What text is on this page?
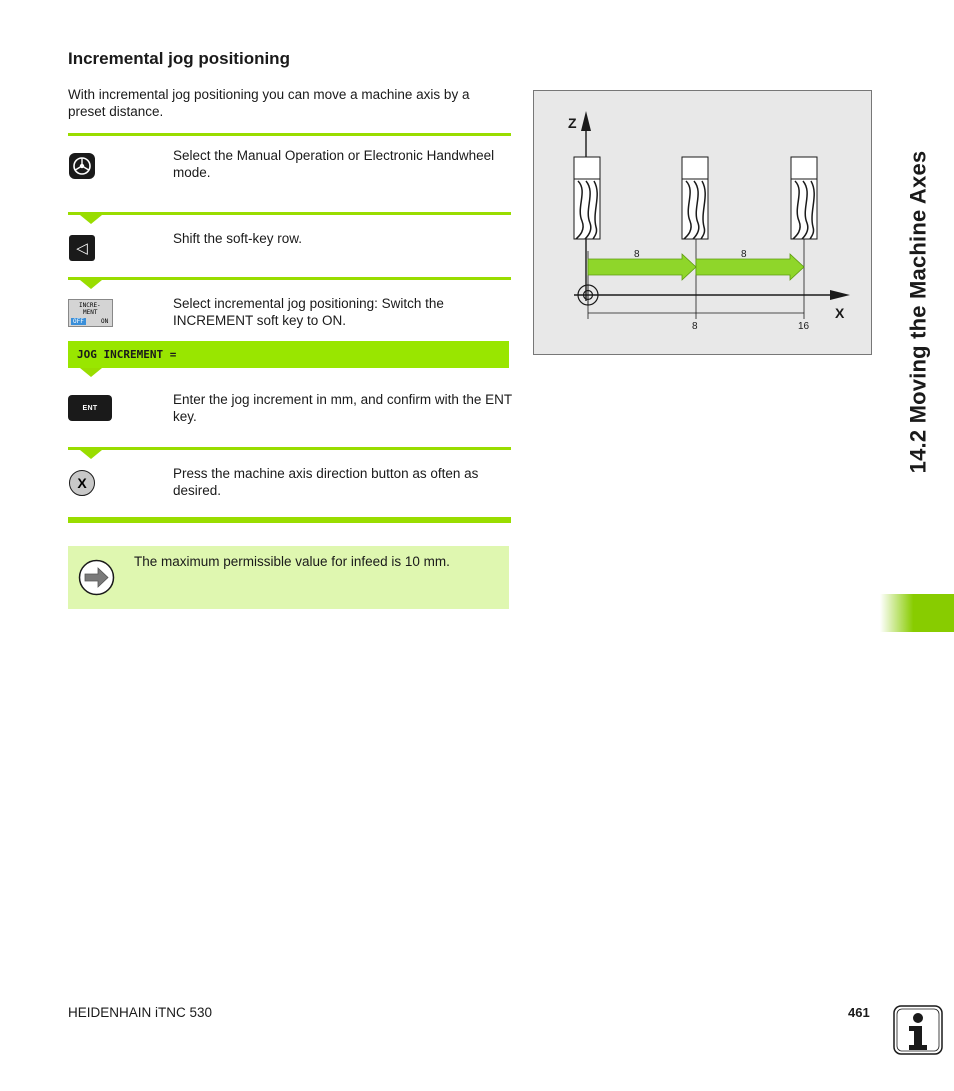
Incremental jog positioning
With incremental jog positioning you can move a machine axis by a preset distance.
Select the Manual Operation or Electronic Handwheel mode.
◁
Shift the soft-key row.
INCRE-
MENT
OFF	ON
Select incremental jog positioning: Switch the INCREMENT soft key to ON.
JOG INCREMENT =
ENT
Enter the jog increment in mm, and confirm with the ENT key.
X
Press the machine axis direction button as often as desired.
The maximum permissible value for infeed is 10 mm.
Z
X
8	16
8	8	14.2 Moving the Machine Axes
HEIDENHAIN iTNC 530	461
